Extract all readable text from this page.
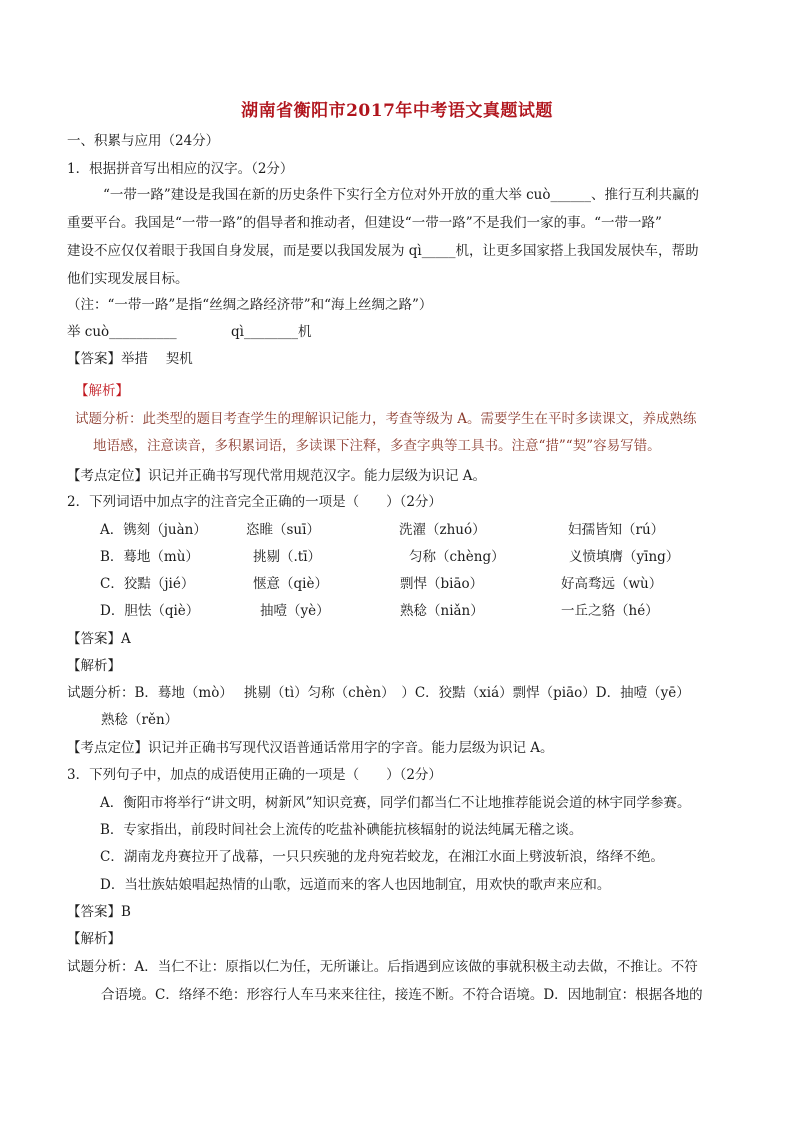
湖南省衡阳市2017年中考语文真题试题
一、积累与应用（24分）
1．根据拼音写出相应的汉字。（2分）
“一带一路”建设是我国在新的历史条件下实行全方位对外开放的重大举 cuò______、推行互利共赢的
重要平台。我国是“一带一路”的倡导者和推动者，但建设“一带一路”不是我们一家的事。“一带一路”
建设不应仅仅着眼于我国自身发展，而是要以我国发展为 qì_____机，让更多国家搭上我国发展快车，帮助
他们实现发展目标。
（注：“一带一路”是指“丝绸之路经济带”和“海上丝绸之路”）
举 cuò__________	qì________机
【答案】举措　 契机
【解析】
试题分析：此类型的题目考查学生的理解识记能力，考查等级为 A。需要学生在平时多读课文，养成熟练
地语感，注意读音，多积累词语，多读课下注释，多查字典等工具书。注意“措”“契”容易写错。
【考点定位】识记并正确书写现代常用规范汉字。能力层级为识记 A。
2．下列词语中加点字的注音完全正确的一项是（　　）（2分）
A．镌刻（juàn）	恣睢（suī）	洗濯（zhuó）	妇孺皆知（rú）
B．蓦地（mù）	挑剔（.tī）	匀称（chèng）	义愤填膺（yīng）
C．狡黠（jié）	惬意（qiè）	剽悍（biāo）	好高骛远（wù）
D．胆怯（qiè）	抽噎（yè）	熟稔（niǎn）	一丘之貉（hé）
【答案】A
【解析】
试题分析：B．蓦地（mò）　 挑剔（tì）匀称（chèn）　）C．狡黠（xiá）剽悍（piāo）D．抽噎（yē）
熟稔（rěn）
【考点定位】识记并正确书写现代汉语普通话常用字的字音。能力层级为识记 A。
3．下列句子中，加点的成语使用正确的一项是（　　）（2分）
A．衡阳市将举行“讲文明，树新风”知识竞赛，同学们都当仁不让地推荐能说会道的林宇同学参赛。
B．专家指出，前段时间社会上流传的吃盐补碘能抗核辐射的说法纯属无稽之谈。
C．湖南龙舟赛拉开了战幕，一只只疾驰的龙舟宛若蛟龙，在湘江水面上劈波斩浪，络绎不绝。
D．当壮族姑娘唱起热情的山歌，远道而来的客人也因地制宜，用欢快的歌声来应和。
【答案】B
【解析】
试题分析：A．当仁不让：原指以仁为任，无所谦让。后指遇到应该做的事就积极主动去做，不推让。不符
合语境。C．络绎不绝：形容行人车马来来往往，接连不断。不符合语境。D．因地制宜：根据各地的
